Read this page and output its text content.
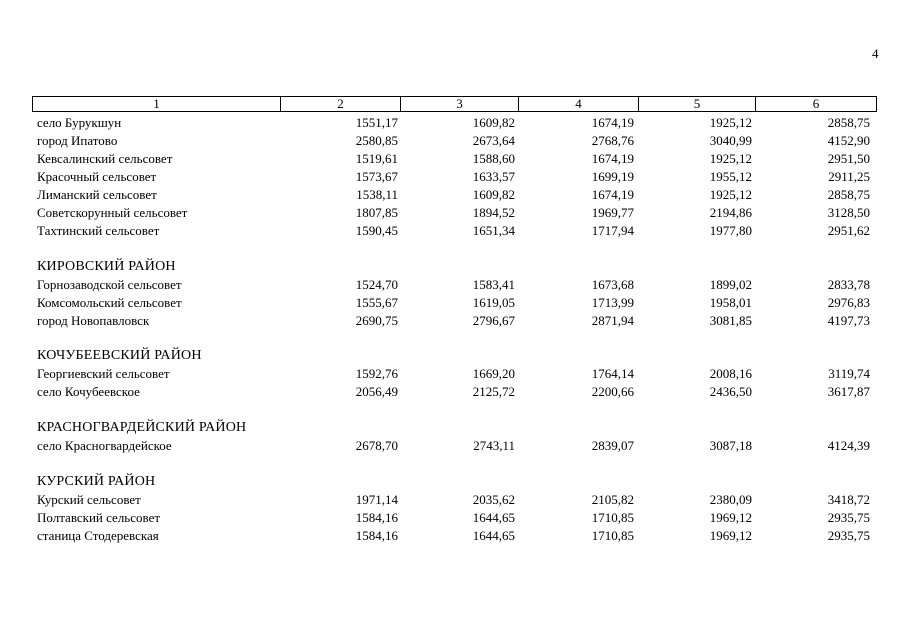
4
1	2	3	4	5	6
село Бурукшун	1551,17	1609,82	1674,19	1925,12	2858,75
город Ипатово	2580,85	2673,64	2768,76	3040,99	4152,90
Кевсалинский сельсовет	1519,61	1588,60	1674,19	1925,12	2951,50
Красочный сельсовет	1573,67	1633,57	1699,19	1955,12	2911,25
Лиманский сельсовет	1538,11	1609,82	1674,19	1925,12	2858,75
Советскорунный сельсовет	1807,85	1894,52	1969,77	2194,86	3128,50
Тахтинский сельсовет	1590,45	1651,34	1717,94	1977,80	2951,62
КИРОВСКИЙ РАЙОН
Горнозаводской сельсовет	1524,70	1583,41	1673,68	1899,02	2833,78
Комсомольский сельсовет	1555,67	1619,05	1713,99	1958,01	2976,83
город Новопавловск	2690,75	2796,67	2871,94	3081,85	4197,73
КОЧУБЕЕВСКИЙ РАЙОН
Георгиевский сельсовет	1592,76	1669,20	1764,14	2008,16	3119,74
село Кочубеевское	2056,49	2125,72	2200,66	2436,50	3617,87
КРАСНОГВАРДЕЙСКИЙ РАЙОН
село Красногвардейское	2678,70	2743,11	2839,07	3087,18	4124,39
КУРСКИЙ РАЙОН
Курский сельсовет	1971,14	2035,62	2105,82	2380,09	3418,72
Полтавский сельсовет	1584,16	1644,65	1710,85	1969,12	2935,75
станица Стодеревская	1584,16	1644,65	1710,85	1969,12	2935,75
